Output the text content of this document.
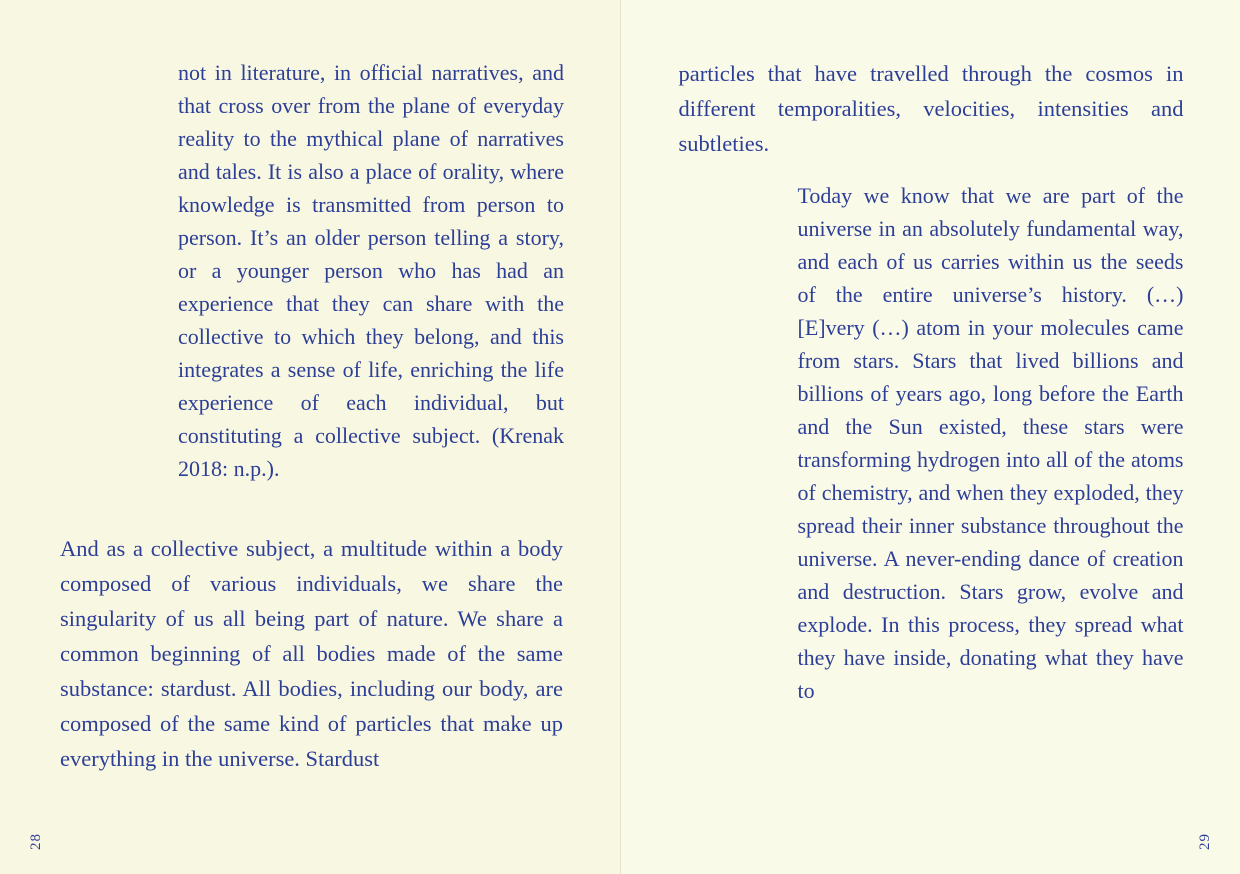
not in literature, in official narratives, and that cross over from the plane of everyday reality to the mythical plane of narratives and tales. It is also a place of orality, where knowledge is transmitted from person to person. It’s an older person telling a story, or a younger person who has had an experience that they can share with the collective to which they belong, and this integrates a sense of life, enriching the life experience of each individual, but constituting a collective subject. (Krenak 2018: n.p.).
And as a collective subject, a multitude within a body composed of various individuals, we share the singularity of us all being part of nature. We share a common beginning of all bodies made of the same substance: stardust. All bodies, including our body, are composed of the same kind of particles that make up everything in the universe. Stardust
28
particles that have travelled through the cosmos in different temporalities, velocities, intensities and subtleties.
Today we know that we are part of the universe in an absolutely fundamental way, and each of us carries within us the seeds of the entire universe’s history. (…) [E]very (…) atom in your molecules came from stars. Stars that lived billions and billions of years ago, long before the Earth and the Sun existed, these stars were transforming hydrogen into all of the atoms of chemistry, and when they exploded, they spread their inner substance throughout the universe. A never-ending dance of creation and destruction. Stars grow, evolve and explode. In this process, they spread what they have inside, donating what they have to
29
